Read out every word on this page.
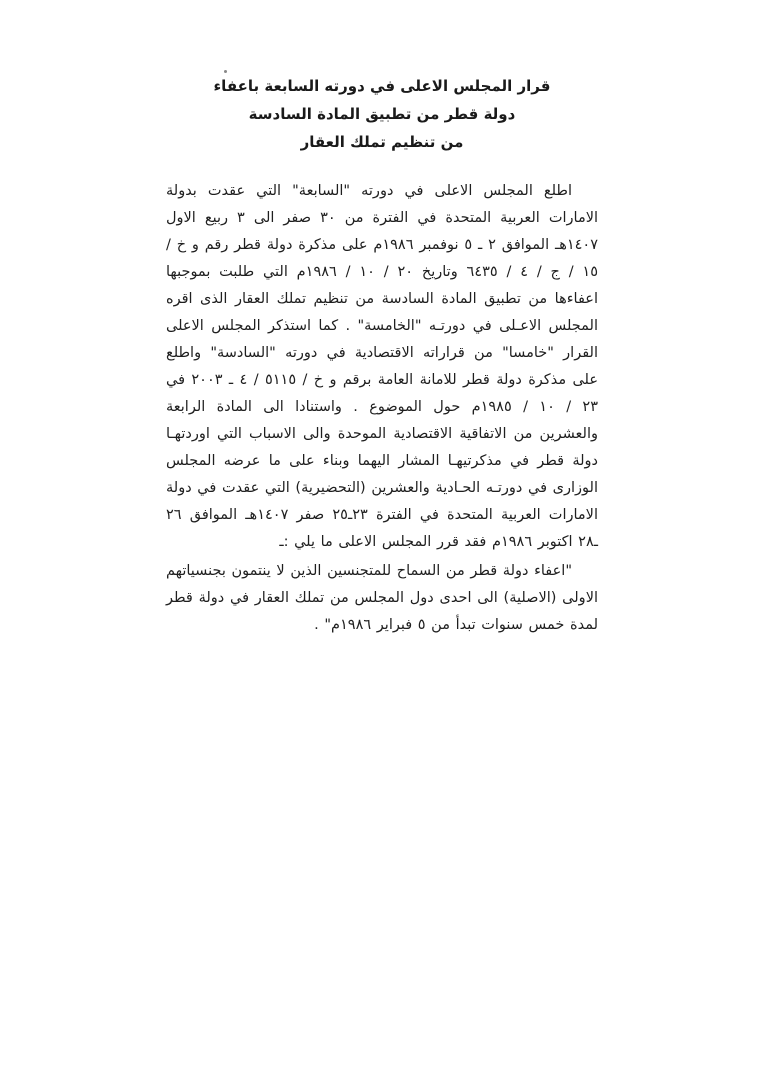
قرار المجلس الاعلى في دورته السابعة باعفاء
دولة قطر من تطبيق المادة السادسة
من تنظيم تملك العقار

اطلع المجلس الاعلى في دورته "السابعة" التي عقدت بدولة الامارات العربية المتحدة في الفترة من ٣٠ صفر الى ٣ ربيع الاول ١٤٠٧هـ الموافق ٢ ـ ٥ نوفمبر ١٩٨٦م على مذكرة دولة قطر رقم و خ / ١٥ / ج / ٤ / ٦٤٣٥ وتاريخ ٢٠ / ١٠ / ١٩٨٦م التي طلبت بموجبها اعفاءها من تطبيق المادة السادسة من تنظيم تملك العقار الذى اقره المجلس الاعـلى في دورتـه "الخامسة" . كما استذكر المجلس الاعلى القرار "خامسا" من قراراته الاقتصادية في دورته "السادسة" واطلع على مذكرة دولة قطر للامانة العامة برقم و خ / ٥١١٥ / ٤ ـ ٢٠٠٣ في ٢٣ / ١٠ / ١٩٨٥م حول الموضوع . واستنادا الى المادة الرابعة والعشرين من الاتفاقية الاقتصادية الموحدة والى الاسباب التي اوردتهـا دولة قطر في مذكرتيهـا المشار اليهما وبناء على ما عرضه المجلس الوزارى في دورتـه الحـادية والعشرين (التحضيرية) التي عقدت في دولة الامارات العربية المتحدة في الفترة ٢٣ـ٢٥ صفر ١٤٠٧هـ الموافق ٢٦ ـ٢٨ اكتوبر ١٩٨٦م فقد قرر المجلس الاعلى ما يلي :ـ

"اعفاء دولة قطر من السماح للمتجنسين الذين لا ينتمون بجنسياتهم الاولى (الاصلية) الى احدى دول المجلس من تملك العقار في دولة قطر لمدة خمس سنوات تبدأ من ٥ فبراير ١٩٨٦م" .
